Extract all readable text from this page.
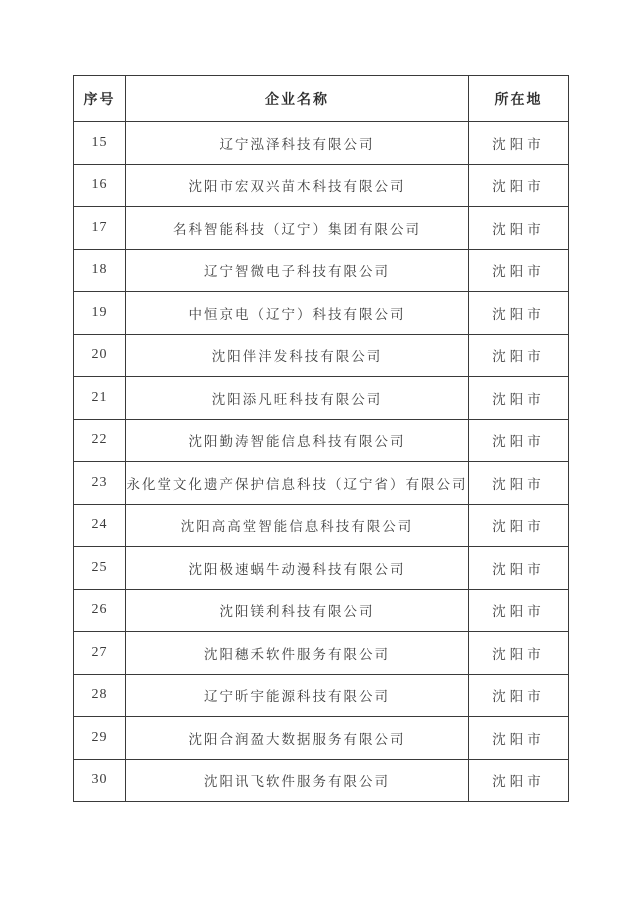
序号	企业名称	所在地
15	辽宁泓泽科技有限公司	沈阳市
16	沈阳市宏双兴苗木科技有限公司	沈阳市
17	名科智能科技（辽宁）集团有限公司	沈阳市
18	辽宁智微电子科技有限公司	沈阳市
19	中恒京电（辽宁）科技有限公司	沈阳市
20	沈阳伴沣发科技有限公司	沈阳市
21	沈阳添凡旺科技有限公司	沈阳市
22	沈阳勤涛智能信息科技有限公司	沈阳市
23	永化堂文化遗产保护信息科技（辽宁省）有限公司	沈阳市
24	沈阳高高堂智能信息科技有限公司	沈阳市
25	沈阳极速蜗牛动漫科技有限公司	沈阳市
26	沈阳镁利科技有限公司	沈阳市
27	沈阳穗禾软件服务有限公司	沈阳市
28	辽宁昕宇能源科技有限公司	沈阳市
29	沈阳合润盈大数据服务有限公司	沈阳市
30	沈阳讯飞软件服务有限公司	沈阳市
